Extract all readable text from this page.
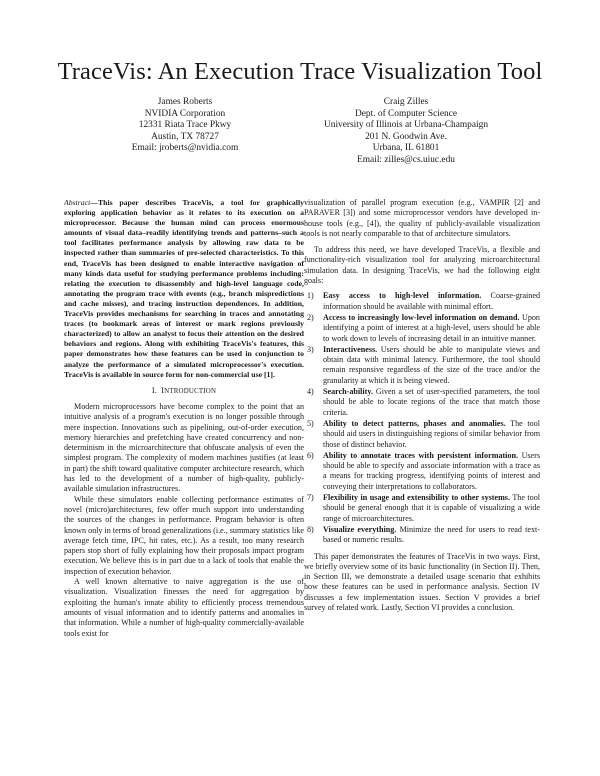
TraceVis: An Execution Trace Visualization Tool
James Roberts
NVIDIA Corporation
12331 Riata Trace Pkwy
Austin, TX 78727
Email: jroberts@nvidia.com
Craig Zilles
Dept. of Computer Science
University of Illinois at Urbana-Champaign
201 N. Goodwin Ave.
Urbana, IL 61801
Email: zilles@cs.uiuc.edu
Abstract—This paper describes TraceVis, a tool for graphically exploring application behavior as it relates to its execution on a microprocessor. Because the human mind can process enormous amounts of visual data–readily identifying trends and patterns–such a tool facilitates performance analysis by allowing raw data to be inspected rather than summaries of pre-selected characteristics. To this end, TraceVis has been designed to enable interactive navigation of many kinds data useful for studying performance problems including: relating the execution to disassembly and high-level language code, annotating the program trace with events (e.g., branch mispredictions and cache misses), and tracing instruction dependences. In addition, TraceVis provides mechanisms for searching in traces and annotating traces (to bookmark areas of interest or mark regions previously characterized) to allow an analyst to focus their attention on the desired behaviors and regions. Along with exhibiting TraceVis's features, this paper demonstrates how these features can be used in conjunction to analyze the performance of a simulated microprocessor's execution. TraceVis is available in source form for non-commercial use [1].
I. INTRODUCTION

Modern microprocessors have become complex to the point that an intuitive analysis of a program's execution is no longer possible through mere inspection. Innovations such as pipelining, out-of-order execution, memory hierarchies and prefetching have created concurrency and non-determinism in the microarchitecture that obfuscate analysis of even the simplest program. The complexity of modern machines justifies (at least in part) the shift toward qualitative computer architecture research, which has led to the development of a number of high-quality, publicly-available simulation infrastructures.

While these simulators enable collecting performance estimates of novel (micro)architectures, few offer much support into understanding the sources of the changes in performance. Program behavior is often known only in terms of broad generalizations (i.e., summary statistics like average fetch time, IPC, hit rates, etc.). As a result, too many research papers stop short of fully explaining how their proposals impact program execution. We believe this is in part due to a lack of tools that enable the inspection of execution behavior.

A well known alternative to naive aggregation is the use of visualization. Visualization finesses the need for aggregation by exploiting the human's innate ability to efficiently process tremendous amounts of visual information and to identify patterns and anomalies in that information. While a number of high-quality commercially-available tools exist for

visualization of parallel program execution (e.g., VAMPIR [2] and PARAVER [3]) and some microprocessor vendors have developed in-house tools (e.g., [4]), the quality of publicly-available visualization tools is not nearly comparable to that of architecture simulators.

To address this need, we have developed TraceVis, a flexible and functionality-rich visualization tool for analyzing microarchitectural simulation data. In designing TraceVis, we had the following eight goals:

1) Easy access to high-level information. Coarse-grained information should be available with minimal effort.
2) Access to increasingly low-level information on demand. Upon identifying a point of interest at a high-level, users should be able to work down to levels of increasing detail in an intuitive manner.
3) Interactiveness. Users should be able to manipulate views and obtain data with minimal latency. Furthermore, the tool should remain responsive regardless of the size of the trace and/or the granularity at which it is being viewed.
4) Search-ability. Given a set of user-specified parameters, the tool should be able to locate regions of the trace that match those criteria.
5) Ability to detect patterns, phases and anomalies. The tool should aid users in distinguishing regions of similar behavior from those of distinct behavior.
6) Ability to annotate traces with persistent information. Users should be able to specify and associate information with a trace as a means for tracking progress, identifying points of interest and conveying their interpretations to collaborators.
7) Flexibility in usage and extensibility to other systems. The tool should be general enough that it is capable of visualizing a wide range of microarchitectures.
8) Visualize everything. Minimize the need for users to read text-based or numeric results.

This paper demonstrates the features of TraceVis in two ways. First, we briefly overview some of its basic functionality (in Section II). Then, in Section III, we demonstrate a detailed usage scenario that exhibits how these features can be used in performance analysis. Section IV discusses a few implementation issues. Section V provides a brief survey of related work. Lastly, Section VI provides a conclusion.
